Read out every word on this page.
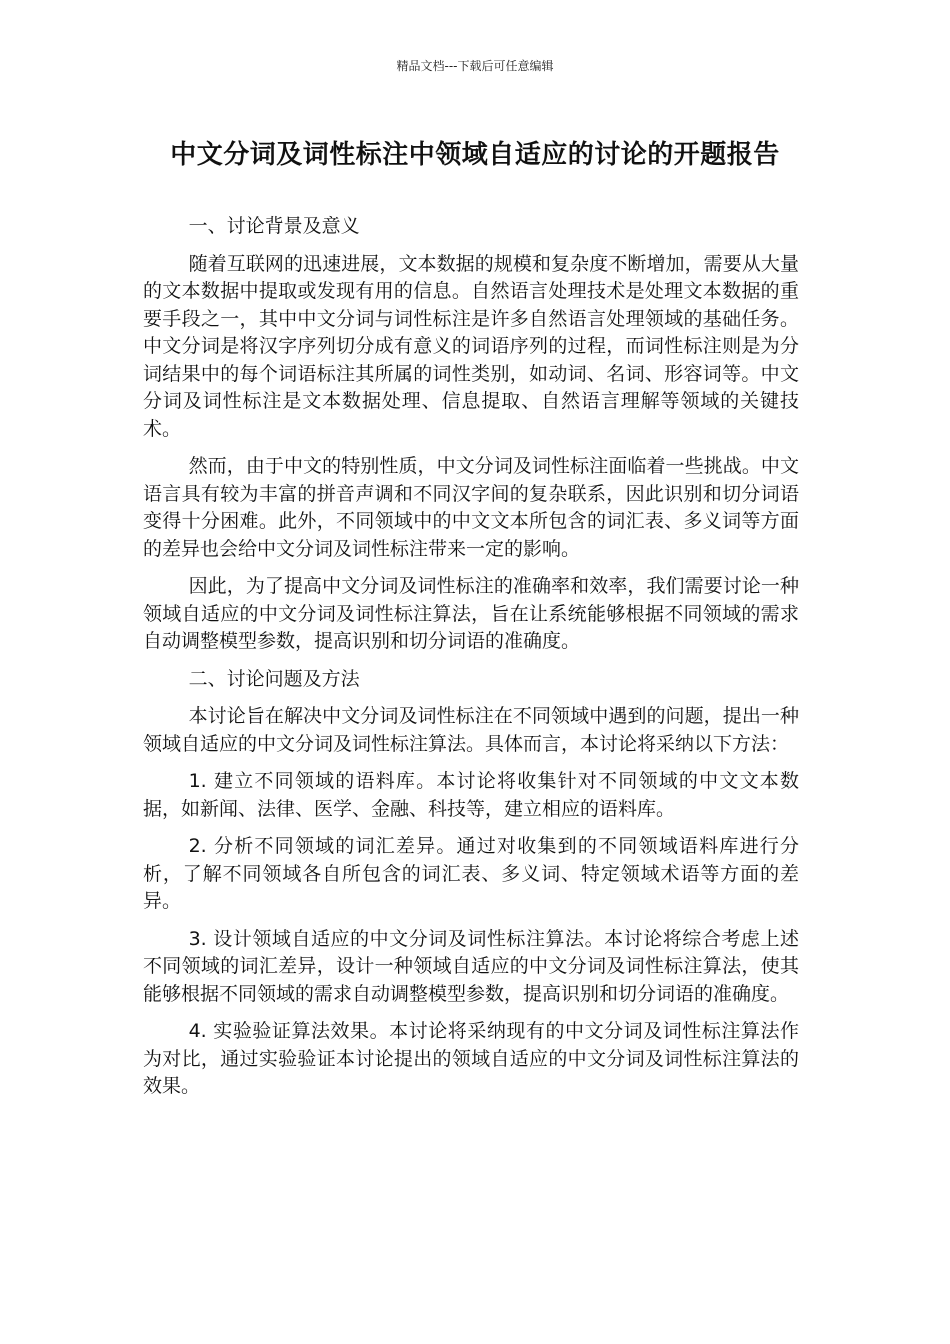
精品文档---下载后可任意编辑
中文分词及词性标注中领域自适应的讨论的开题报告

一、讨论背景及意义

随着互联网的迅速进展，文本数据的规模和复杂度不断增加，需要从大量的文本数据中提取或发现有用的信息。自然语言处理技术是处理文本数据的重要手段之一，其中中文分词与词性标注是许多自然语言处理领域的基础任务。中文分词是将汉字序列切分成有意义的词语序列的过程，而词性标注则是为分词结果中的每个词语标注其所属的词性类别，如动词、名词、形容词等。中文分词及词性标注是文本数据处理、信息提取、自然语言理解等领域的关键技术。

然而，由于中文的特别性质，中文分词及词性标注面临着一些挑战。中文语言具有较为丰富的拼音声调和不同汉字间的复杂联系，因此识别和切分词语变得十分困难。此外，不同领域中的中文文本所包含的词汇表、多义词等方面的差异也会给中文分词及词性标注带来一定的影响。

因此，为了提高中文分词及词性标注的准确率和效率，我们需要讨论一种领域自适应的中文分词及词性标注算法，旨在让系统能够根据不同领域的需求自动调整模型参数，提高识别和切分词语的准确度。

二、讨论问题及方法

本讨论旨在解决中文分词及词性标注在不同领域中遇到的问题，提出一种领域自适应的中文分词及词性标注算法。具体而言，本讨论将采纳以下方法：

1. 建立不同领域的语料库。本讨论将收集针对不同领域的中文文本数据，如新闻、法律、医学、金融、科技等，建立相应的语料库。

2. 分析不同领域的词汇差异。通过对收集到的不同领域语料库进行分析，了解不同领域各自所包含的词汇表、多义词、特定领域术语等方面的差异。

3. 设计领域自适应的中文分词及词性标注算法。本讨论将综合考虑上述不同领域的词汇差异，设计一种领域自适应的中文分词及词性标注算法，使其能够根据不同领域的需求自动调整模型参数，提高识别和切分词语的准确度。

4. 实验验证算法效果。本讨论将采纳现有的中文分词及词性标注算法作为对比，通过实验验证本讨论提出的领域自适应的中文分词及词性标注算法的效果。
